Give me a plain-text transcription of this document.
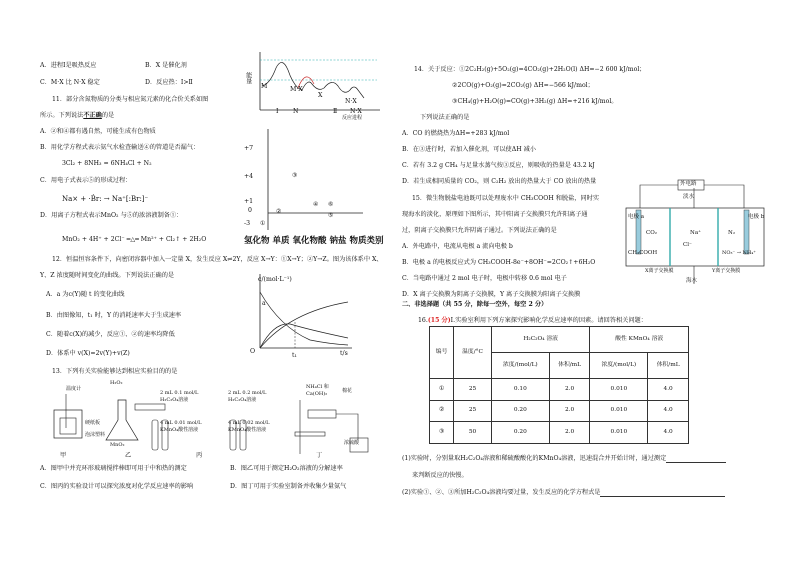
A．进程Ⅰ是吸热反应	B．X 是催化剂
C．M·X 比 N·X 稳定	D．反应热：Ⅰ>Ⅱ
11．部分含氮物质的分类与相应氮元素的化合价关系如图
所示。下列说法不正确的是
A．②和④都有遇自然，可能生成有色物质
B．用化学方程式表示氨气水检查输送④的管道是否漏气：
3Cl₂ + 8NH₃ = 6NH₄Cl + N₂
C．用电子式表示⑤的形成过程：
Na× + ·Ḃr: → Na⁺[:Br:]⁻
D．用离子方程式表示MnO₂ 与⑤的浓溶液制备①：
MnO₂ + 4H⁺ + 2Cl⁻ ═△═ Mn²⁺ + Cl₂↑ + 2H₂O
12．恒温恒容条件下，向密闭容器中加入一定量 X，发生反应 X⇌2Y，反应 X→Y：①X→Y；②Y→Z。图为该体系中 X、
Y、Z 浓度随时间变化的曲线。下列说法正确的是
A．a 为c(Y)随 t 的变化曲线
B．由图像知，t₁ 时，Y 的消耗速率大于生成速率
C．随着c(X)的减少，反应①、②的速率均降低
D．体系中 v(X)=2v(Y)+v(Z)
13．下列有关实验能够达到相应实验目的的是
A．图甲中并充环形玻璃搅拌棒即可用于中和热的测定	B．图乙可用于测定H₂O₂溶液的分解速率
C．图丙的实验设计可以探究浓度对化学反应速率的影响	D．图丁可用于实验室制备并收集少量氨气
能量
M	M·X
X
N·X
Ⅰ N	Ⅱ N·X
反应进程
+7
+4
+1
0
-3 ①
②
③
④ ⑥
⑤
氢化物 单质 氧化物酸 钠盐 物质类别
c/(mol·L⁻¹)
a
O
t₁	t/s
温度计
硬纸板
泡沫塑料
H₂O₂
MnO₂
2 mL 0.1 mol/L
H₂C₂O₄溶液
4 mL 0.01 mol/L
KMnO₄酸性溶液
2 mL 0.2 mol/L
H₂C₂O₄溶液
4 mL 0.02 mol/L
KMnO₄酸性溶液
NH₄Cl 和
Ca(OH)₂	棉花
浓硫酸
甲	乙	丙	丁
14．关于反应：①2C₂H₂(g)+5O₂(g)=4CO₂(g)+2H₂O(l) ΔH=−2 600 kJ/mol；
②2CO(g)+O₂(g)=2CO₂(g) ΔH=−566 kJ/mol；
③CH₄(g)+H₂O(g)=CO(g)+3H₂(g) ΔH=+216 kJ/mol。
下列说法正确的是
A．CO 的燃烧热为ΔH=+283 kJ/mol
B．在③进行时，若加入催化剂，可以使ΔH 减小
C．若有 3.2 g CH₄ 与足量水蒸气按③反应，则吸收的热量是 43.2 kJ
D．若生成相同质量的 CO₂，则 C₂H₂ 放出的热量大于 CO 放出的热量
15．微生物脱盐电池既可以处理废水中 CH₃COOH 和脱盐，同时实
现海水的淡化，原理如下图所示，其中阳离子交换膜只允许阳离子通
过，阴离子交换膜只允许阴离子通过。下列说法正确的是
A．外电路中，电流从电极 a 流向电极 b
B．电极 a 的电极反应式为 CH₃COOH-8e⁻+8OH⁻=2CO₂↑+6H₂O
C．当电路中通过 2 mol 电子时，电极中转移 0.6 mol 电子
D．X 离子交换膜为阴离子交换膜，Y 离子交换膜为阳离子交换膜
外电路
淡水
电极 a	电极 b
CO₂
CH₃COOH
Na⁺
Cl⁻
N₂
NO₃⁻ → NH₄⁺
X离子交换膜	Y离子交换膜
海水
二、非选择题（共 55 分，除每一空外，每空 2 分）
16.(15 分)Ⅰ.实验室利用下列方案探究影响化学反应速率的因素。请回答相关问题：
编号	温度/°C	H₂C₂O₄ 溶液		酸性 KMnO₄ 溶液	
		浓度/(mol/L)	体积/mL	浓度/(mol/L)	体积/mL
①	25	0.10	2.0	0.010	4.0
②	25	0.20	2.0	0.010	4.0
③	50	0.20	2.0	0.010	4.0
(1)实验时，分别量取H₂C₂O₄溶液和稀硫酸酸化的KMnO₄溶液，迅速混合并开始计时，通过测定
来判断反应的快慢。
(2)实验①、②、③所加H₂C₂O₄溶液均要过量，发生反应的化学方程式是
